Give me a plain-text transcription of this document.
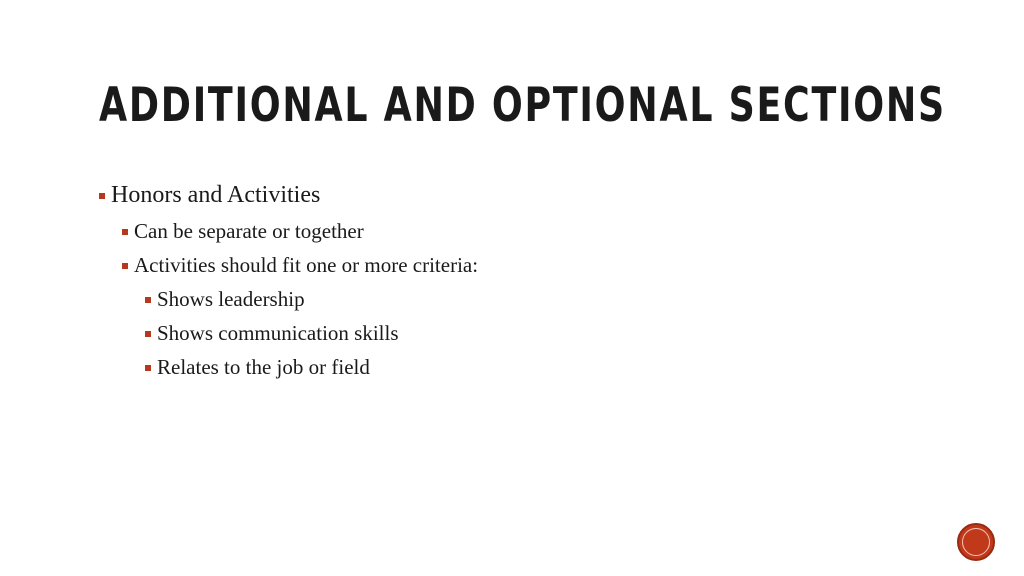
ADDITIONAL AND OPTIONAL SECTIONS
Honors and Activities
Can be separate or together
Activities should fit one or more criteria:
Shows leadership
Shows communication skills
Relates to the job or field
